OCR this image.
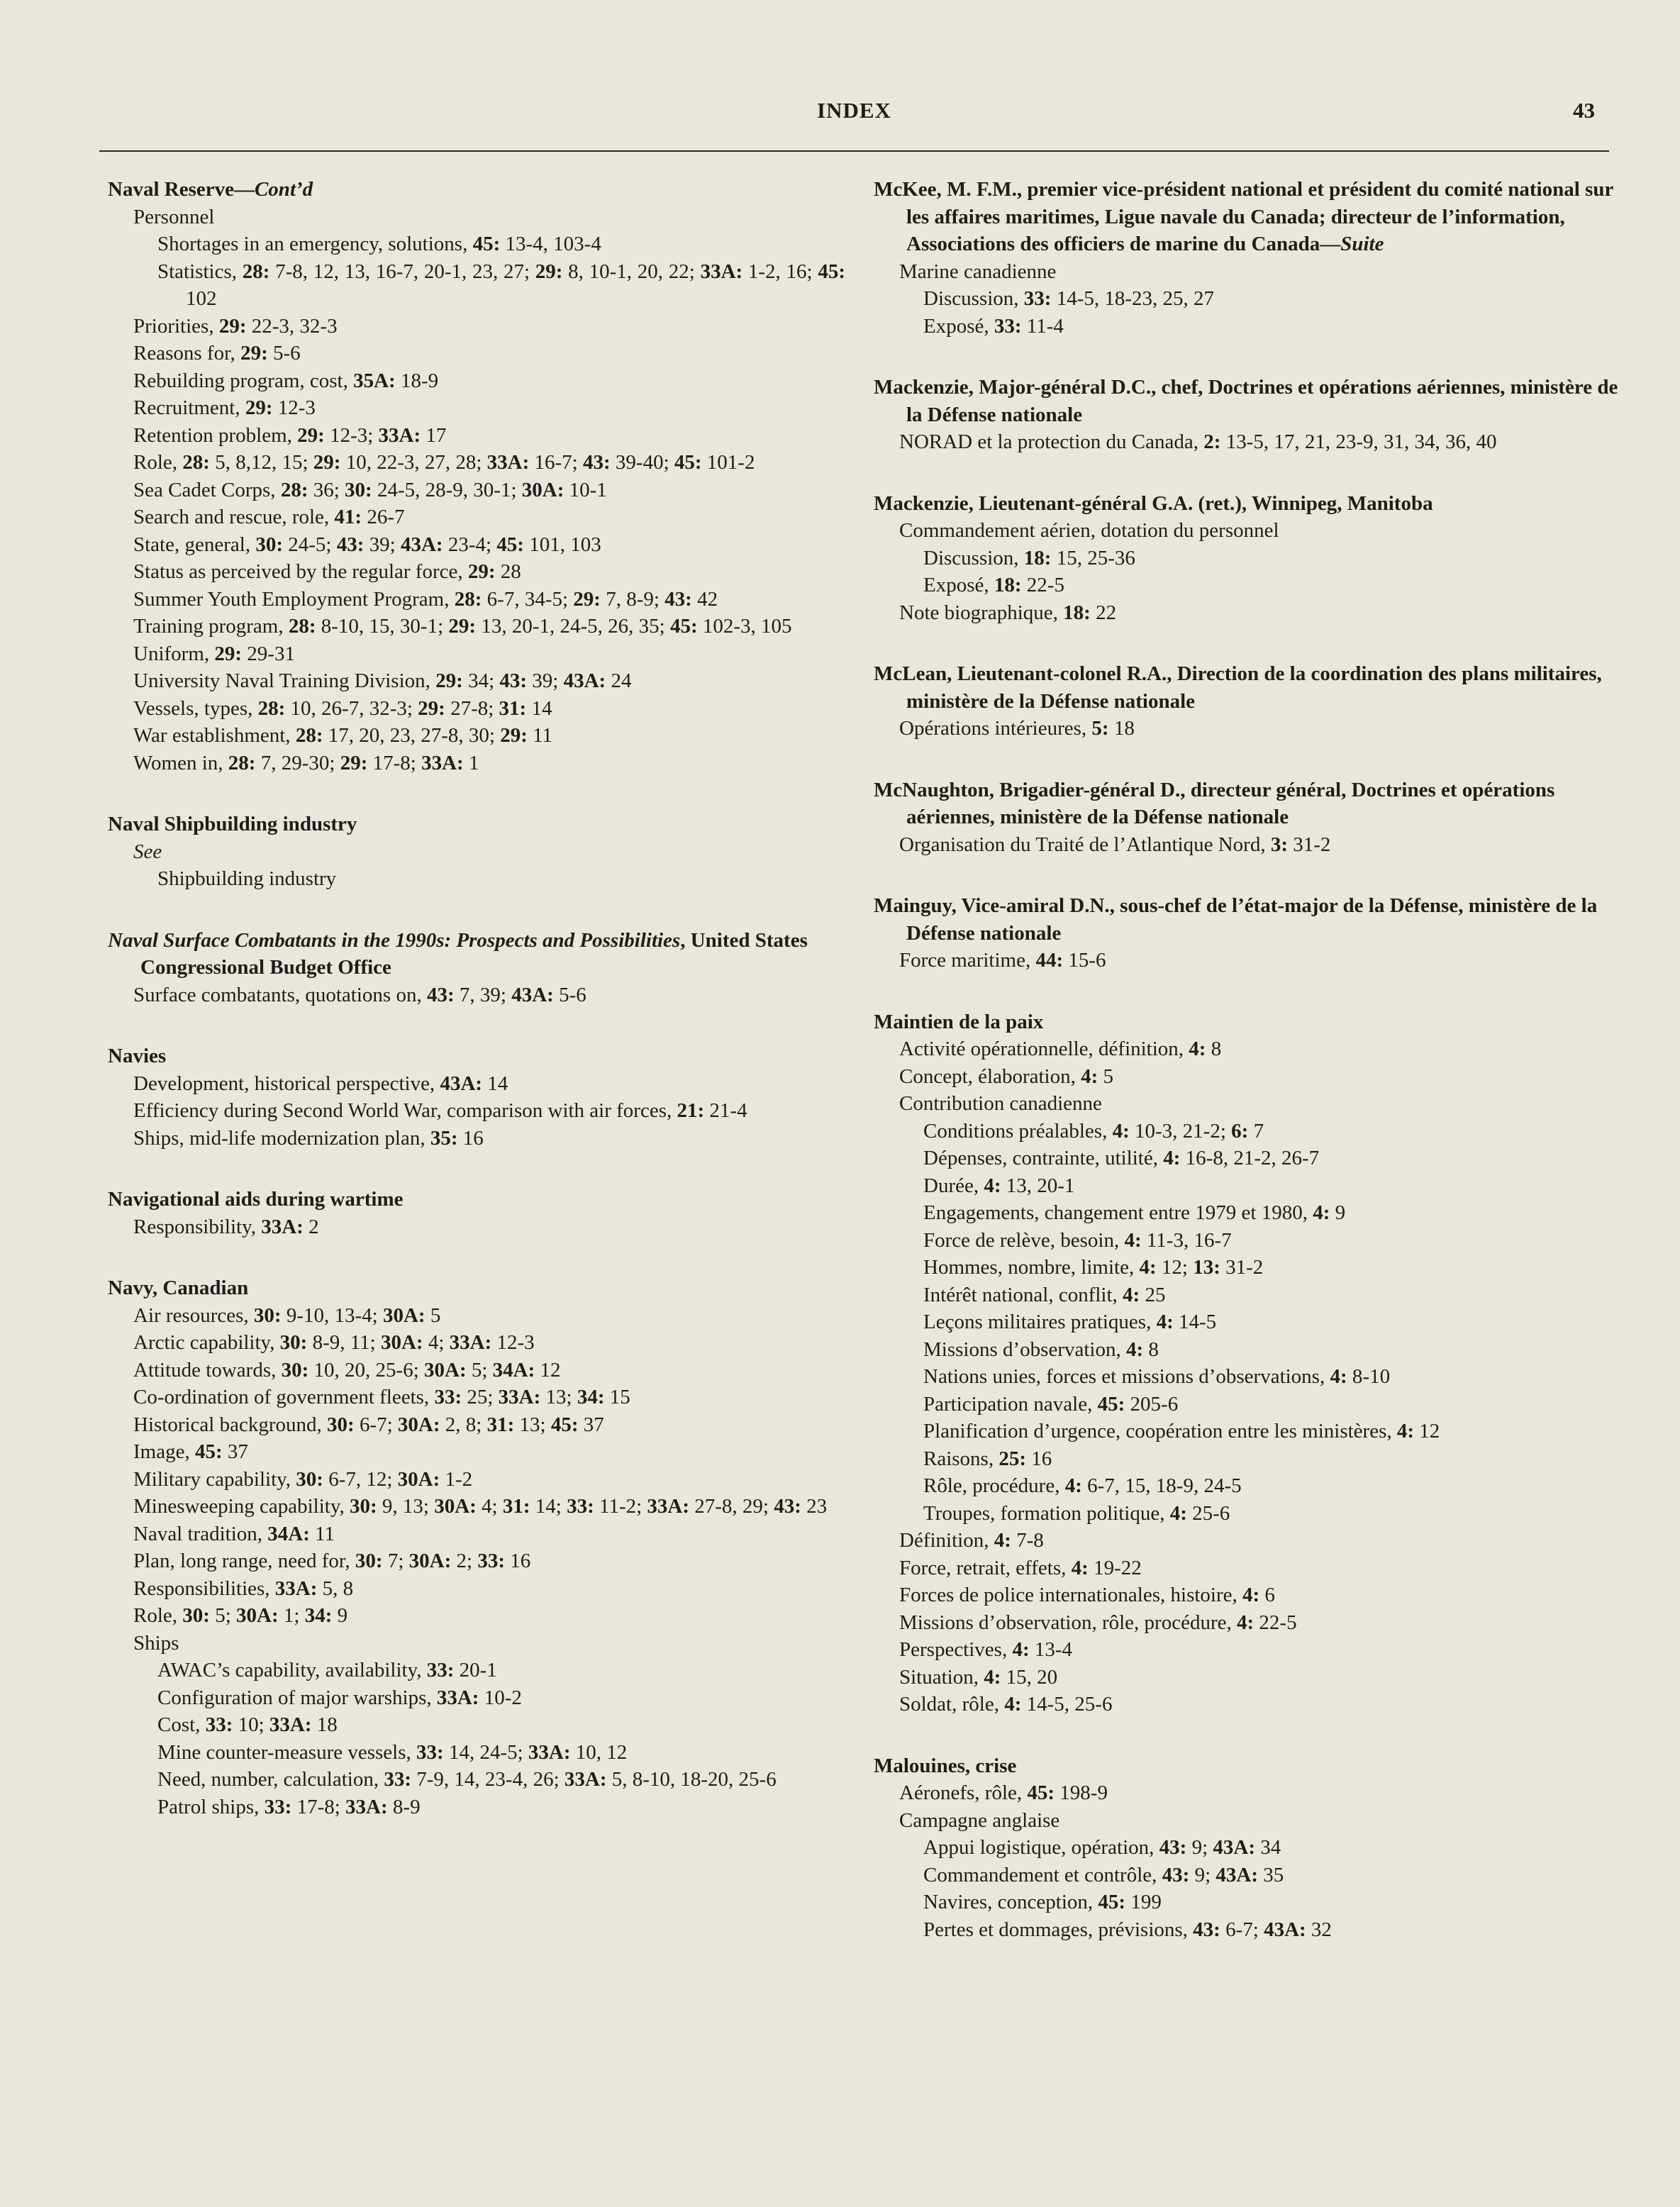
INDEX	43
Naval Reserve—Cont’d
Personnel
Shortages in an emergency, solutions, 45: 13-4, 103-4
Statistics, 28: 7-8, 12, 13, 16-7, 20-1, 23, 27; 29: 8, 10-1, 20, 22; 33A: 1-2, 16; 45: 102
Priorities, 29: 22-3, 32-3
Reasons for, 29: 5-6
Rebuilding program, cost, 35A: 18-9
Recruitment, 29: 12-3
Retention problem, 29: 12-3; 33A: 17
Role, 28: 5, 8,12, 15; 29: 10, 22-3, 27, 28; 33A: 16-7; 43: 39-40; 45: 101-2
Sea Cadet Corps, 28: 36; 30: 24-5, 28-9, 30-1; 30A: 10-1
Search and rescue, role, 41: 26-7
State, general, 30: 24-5; 43: 39; 43A: 23-4; 45: 101, 103
Status as perceived by the regular force, 29: 28
Summer Youth Employment Program, 28: 6-7, 34-5; 29: 7, 8-9; 43: 42
Training program, 28: 8-10, 15, 30-1; 29: 13, 20-1, 24-5, 26, 35; 45: 102-3, 105
Uniform, 29: 29-31
University Naval Training Division, 29: 34; 43: 39; 43A: 24
Vessels, types, 28: 10, 26-7, 32-3; 29: 27-8; 31: 14
War establishment, 28: 17, 20, 23, 27-8, 30; 29: 11
Women in, 28: 7, 29-30; 29: 17-8; 33A: 1
Naval Shipbuilding industry
See
Shipbuilding industry
Naval Surface Combatants in the 1990s: Prospects and Possibilities, United States Congressional Budget Office
Surface combatants, quotations on, 43: 7, 39; 43A: 5-6
Navies
Development, historical perspective, 43A: 14
Efficiency during Second World War, comparison with air forces, 21: 21-4
Ships, mid-life modernization plan, 35: 16
Navigational aids during wartime
Responsibility, 33A: 2
Navy, Canadian
Air resources, 30: 9-10, 13-4; 30A: 5
Arctic capability, 30: 8-9, 11; 30A: 4; 33A: 12-3
Attitude towards, 30: 10, 20, 25-6; 30A: 5; 34A: 12
Co-ordination of government fleets, 33: 25; 33A: 13; 34: 15
Historical background, 30: 6-7; 30A: 2, 8; 31: 13; 45: 37
Image, 45: 37
Military capability, 30: 6-7, 12; 30A: 1-2
Minesweeping capability, 30: 9, 13; 30A: 4; 31: 14; 33: 11-2; 33A: 27-8, 29; 43: 23
Naval tradition, 34A: 11
Plan, long range, need for, 30: 7; 30A: 2; 33: 16
Responsibilities, 33A: 5, 8
Role, 30: 5; 30A: 1; 34: 9
Ships
AWAC’s capability, availability, 33: 20-1
Configuration of major warships, 33A: 10-2
Cost, 33: 10; 33A: 18
Mine counter-measure vessels, 33: 14, 24-5; 33A: 10, 12
Need, number, calculation, 33: 7-9, 14, 23-4, 26; 33A: 5, 8-10, 18-20, 25-6
Patrol ships, 33: 17-8; 33A: 8-9
McKee, M. F.M., premier vice-président national et président du comité national sur les affaires maritimes, Ligue navale du Canada; directeur de l’information, Associations des officiers de marine du Canada—Suite
Marine canadienne
Discussion, 33: 14-5, 18-23, 25, 27
Exposé, 33: 11-4
Mackenzie, Major-général D.C., chef, Doctrines et opérations aériennes, ministère de la Défense nationale
NORAD et la protection du Canada, 2: 13-5, 17, 21, 23-9, 31, 34, 36, 40
Mackenzie, Lieutenant-général G.A. (ret.), Winnipeg, Manitoba
Commandement aérien, dotation du personnel
Discussion, 18: 15, 25-36
Exposé, 18: 22-5
Note biographique, 18: 22
McLean, Lieutenant-colonel R.A., Direction de la coordination des plans militaires, ministère de la Défense nationale
Opérations intérieures, 5: 18
McNaughton, Brigadier-général D., directeur général, Doctrines et opérations aériennes, ministère de la Défense nationale
Organisation du Traité de l’Atlantique Nord, 3: 31-2
Mainguy, Vice-amiral D.N., sous-chef de l’état-major de la Défense, ministère de la Défense nationale
Force maritime, 44: 15-6
Maintien de la paix
Activité opérationnelle, définition, 4: 8
Concept, élaboration, 4: 5
Contribution canadienne
Conditions préalables, 4: 10-3, 21-2; 6: 7
Dépenses, contrainte, utilité, 4: 16-8, 21-2, 26-7
Durée, 4: 13, 20-1
Engagements, changement entre 1979 et 1980, 4: 9
Force de relève, besoin, 4: 11-3, 16-7
Hommes, nombre, limite, 4: 12; 13: 31-2
Intérêt national, conflit, 4: 25
Leçons militaires pratiques, 4: 14-5
Missions d’observation, 4: 8
Nations unies, forces et missions d’observations, 4: 8-10
Participation navale, 45: 205-6
Planification d’urgence, coopération entre les ministères, 4: 12
Raisons, 25: 16
Rôle, procédure, 4: 6-7, 15, 18-9, 24-5
Troupes, formation politique, 4: 25-6
Définition, 4: 7-8
Force, retrait, effets, 4: 19-22
Forces de police internationales, histoire, 4: 6
Missions d’observation, rôle, procédure, 4: 22-5
Perspectives, 4: 13-4
Situation, 4: 15, 20
Soldat, rôle, 4: 14-5, 25-6
Malouines, crise
Aéronefs, rôle, 45: 198-9
Campagne anglaise
Appui logistique, opération, 43: 9; 43A: 34
Commandement et contrôle, 43: 9; 43A: 35
Navires, conception, 45: 199
Pertes et dommages, prévisions, 43: 6-7; 43A: 32
